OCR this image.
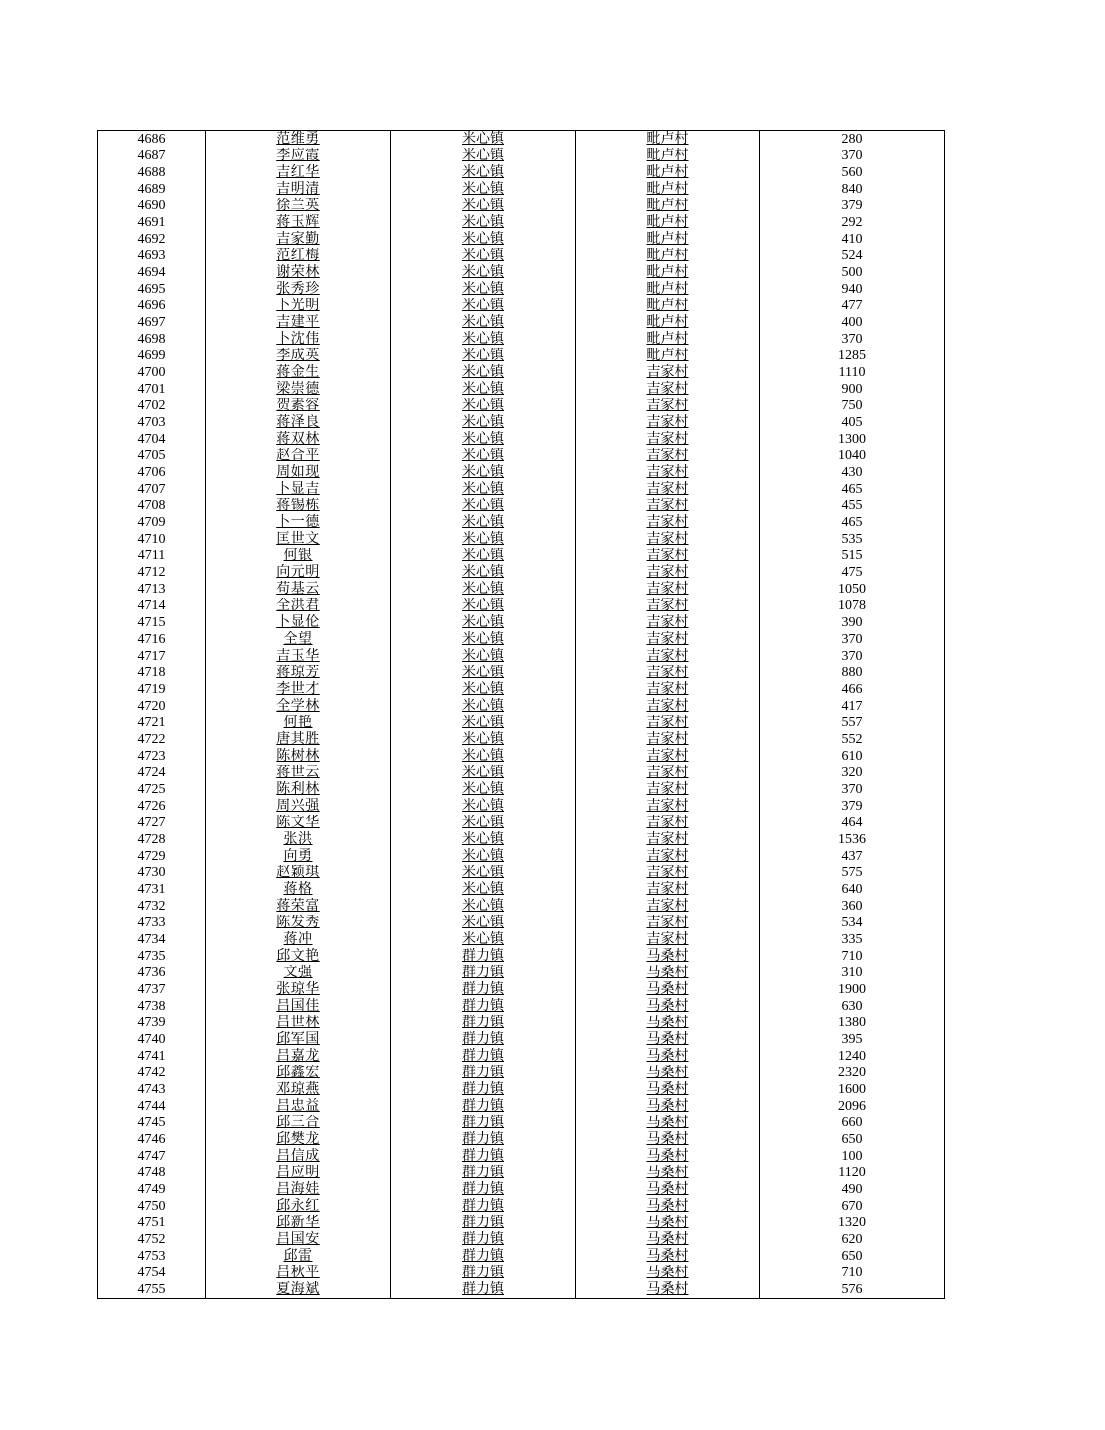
4686	范维勇	米心镇	毗卢村	280
4687	李应霞	米心镇	毗卢村	370
4688	吉红华	米心镇	毗卢村	560
4689	吉明清	米心镇	毗卢村	840
4690	徐兰英	米心镇	毗卢村	379
4691	蒋玉辉	米心镇	毗卢村	292
4692	吉家勤	米心镇	毗卢村	410
4693	范红梅	米心镇	毗卢村	524
4694	谢荣林	米心镇	毗卢村	500
4695	张秀珍	米心镇	毗卢村	940
4696	卜光明	米心镇	毗卢村	477
4697	吉建平	米心镇	毗卢村	400
4698	卜沈伟	米心镇	毗卢村	370
4699	李成英	米心镇	毗卢村	1285
4700	蒋金生	米心镇	吉家村	1110
4701	梁崇德	米心镇	吉家村	900
4702	贺素容	米心镇	吉家村	750
4703	蒋泽良	米心镇	吉家村	405
4704	蒋双林	米心镇	吉家村	1300
4705	赵合平	米心镇	吉家村	1040
4706	周如现	米心镇	吉家村	430
4707	卜显吉	米心镇	吉家村	465
4708	蒋锡栋	米心镇	吉家村	455
4709	卜一德	米心镇	吉家村	465
4710	匡世文	米心镇	吉家村	535
4711	何银	米心镇	吉家村	515
4712	向元明	米心镇	吉家村	475
4713	苟基云	米心镇	吉家村	1050
4714	全洪君	米心镇	吉家村	1078
4715	卜显伦	米心镇	吉家村	390
4716	全望	米心镇	吉家村	370
4717	吉玉华	米心镇	吉家村	370
4718	蒋琼芳	米心镇	吉家村	880
4719	李世才	米心镇	吉家村	466
4720	全学林	米心镇	吉家村	417
4721	何艳	米心镇	吉家村	557
4722	唐其胜	米心镇	吉家村	552
4723	陈树林	米心镇	吉家村	610
4724	蒋世云	米心镇	吉家村	320
4725	陈利林	米心镇	吉家村	370
4726	周兴强	米心镇	吉家村	379
4727	陈文华	米心镇	吉家村	464
4728	张洪	米心镇	吉家村	1536
4729	向勇	米心镇	吉家村	437
4730	赵颖琪	米心镇	吉家村	575
4731	蒋格	米心镇	吉家村	640
4732	蒋荣富	米心镇	吉家村	360
4733	陈发秀	米心镇	吉家村	534
4734	蒋冲	米心镇	吉家村	335
4735	邱文艳	群力镇	马桑村	710
4736	文强	群力镇	马桑村	310
4737	张琼华	群力镇	马桑村	1900
4738	吕国佳	群力镇	马桑村	630
4739	吕世林	群力镇	马桑村	1380
4740	邱军国	群力镇	马桑村	395
4741	吕嘉龙	群力镇	马桑村	1240
4742	邱鑫宏	群力镇	马桑村	2320
4743	邓琼燕	群力镇	马桑村	1600
4744	吕忠益	群力镇	马桑村	2096
4745	邱三合	群力镇	马桑村	660
4746	邱樊龙	群力镇	马桑村	650
4747	吕信成	群力镇	马桑村	100
4748	吕应明	群力镇	马桑村	1120
4749	吕海娃	群力镇	马桑村	490
4750	邱永红	群力镇	马桑村	670
4751	邱新华	群力镇	马桑村	1320
4752	吕国安	群力镇	马桑村	620
4753	邱雷	群力镇	马桑村	650
4754	吕秋平	群力镇	马桑村	710
4755	夏海斌	群力镇	马桑村	576
